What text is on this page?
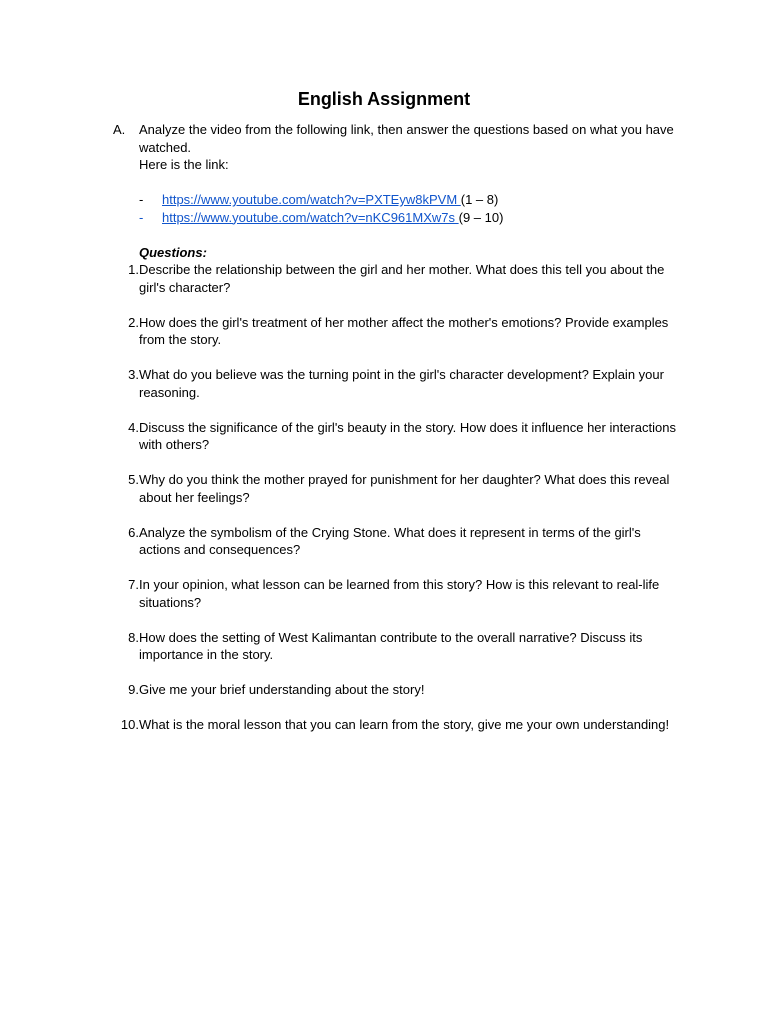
English Assignment
A.	Analyze the video from the following link, then answer the questions based on what you have watched.
Here is the link:
-	https://www.youtube.com/watch?v=PXTEyw8kPVM (1 – 8)
-	https://www.youtube.com/watch?v=nKC961MXw7s (9 – 10)
Questions:
1. Describe the relationship between the girl and her mother. What does this tell you about the girl's character?
2. How does the girl's treatment of her mother affect the mother's emotions? Provide examples from the story.
3. What do you believe was the turning point in the girl's character development? Explain your reasoning.
4. Discuss the significance of the girl's beauty in the story. How does it influence her interactions with others?
5. Why do you think the mother prayed for punishment for her daughter? What does this reveal about her feelings?
6. Analyze the symbolism of the Crying Stone. What does it represent in terms of the girl's actions and consequences?
7. In your opinion, what lesson can be learned from this story? How is this relevant to real-life situations?
8. How does the setting of West Kalimantan contribute to the overall narrative? Discuss its importance in the story.
9. Give me your brief understanding about the story!
10. What is the moral lesson that you can learn from the story, give me your own understanding!
